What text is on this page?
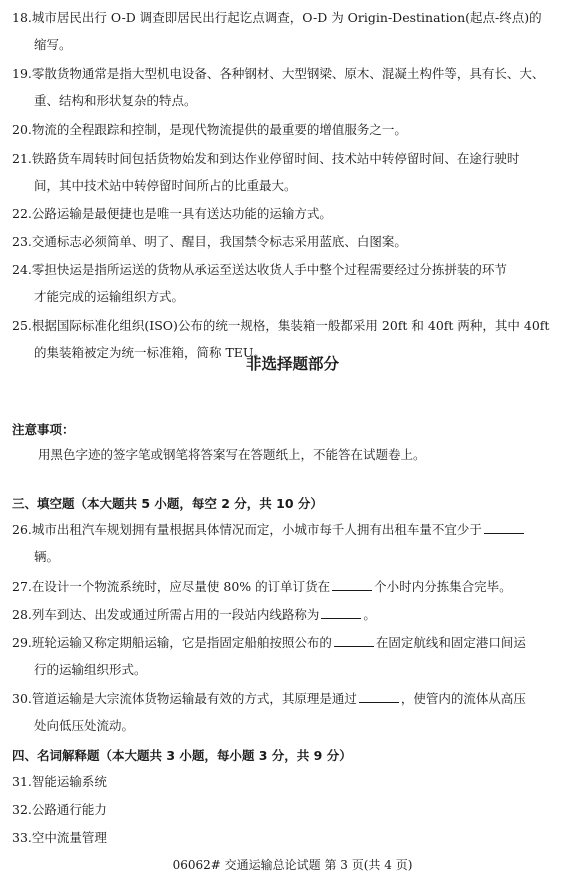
18.城市居民出行 O-D 调查即居民出行起讫点调查，O-D 为 Origin-Destination(起点-终点)的
缩写。
19.零散货物通常是指大型机电设备、各种钢材、大型钢梁、原木、混凝土构件等，具有长、大、
重、结构和形状复杂的特点。
20.物流的全程跟踪和控制，是现代物流提供的最重要的增值服务之一。
21.铁路货车周转时间包括货物始发和到达作业停留时间、技术站中转停留时间、在途行驶时
间，其中技术站中转停留时间所占的比重最大。
22.公路运输是最便捷也是唯一具有送达功能的运输方式。
23.交通标志必须简单、明了、醒目，我国禁令标志采用蓝底、白图案。
24.零担快运是指所运送的货物从承运至送达收货人手中整个过程需要经过分拣拼装的环节
才能完成的运输组织方式。
25.根据国际标准化组织(ISO)公布的统一规格，集装箱一般都采用 20ft 和 40ft 两种，其中 40ft
的集装箱被定为统一标准箱，简称 TEU。
非选择题部分
注意事项：
用黑色字迹的签字笔或钢笔将答案写在答题纸上，不能答在试题卷上。
三、填空题（本大题共 5 小题，每空 2 分，共 10 分）
26.城市出租汽车规划拥有量根据具体情况而定，小城市每千人拥有出租车量不宜少于
辆。
27.在设计一个物流系统时，应尽量使 80% 的订单订货在	个小时内分拣集合完毕。
28.列车到达、出发或通过所需占用的一段站内线路称为	。
29.班轮运输又称定期船运输，它是指固定船舶按照公布的	在固定航线和固定港口间运
行的运输组织形式。
30.管道运输是大宗流体货物运输最有效的方式，其原理是通过	，使管内的流体从高压
处向低压处流动。
四、名词解释题（本大题共 3 小题，每小题 3 分，共 9 分）
31.智能运输系统
32.公路通行能力
33.空中流量管理
06062# 交通运输总论试题 第 3 页(共 4 页)
